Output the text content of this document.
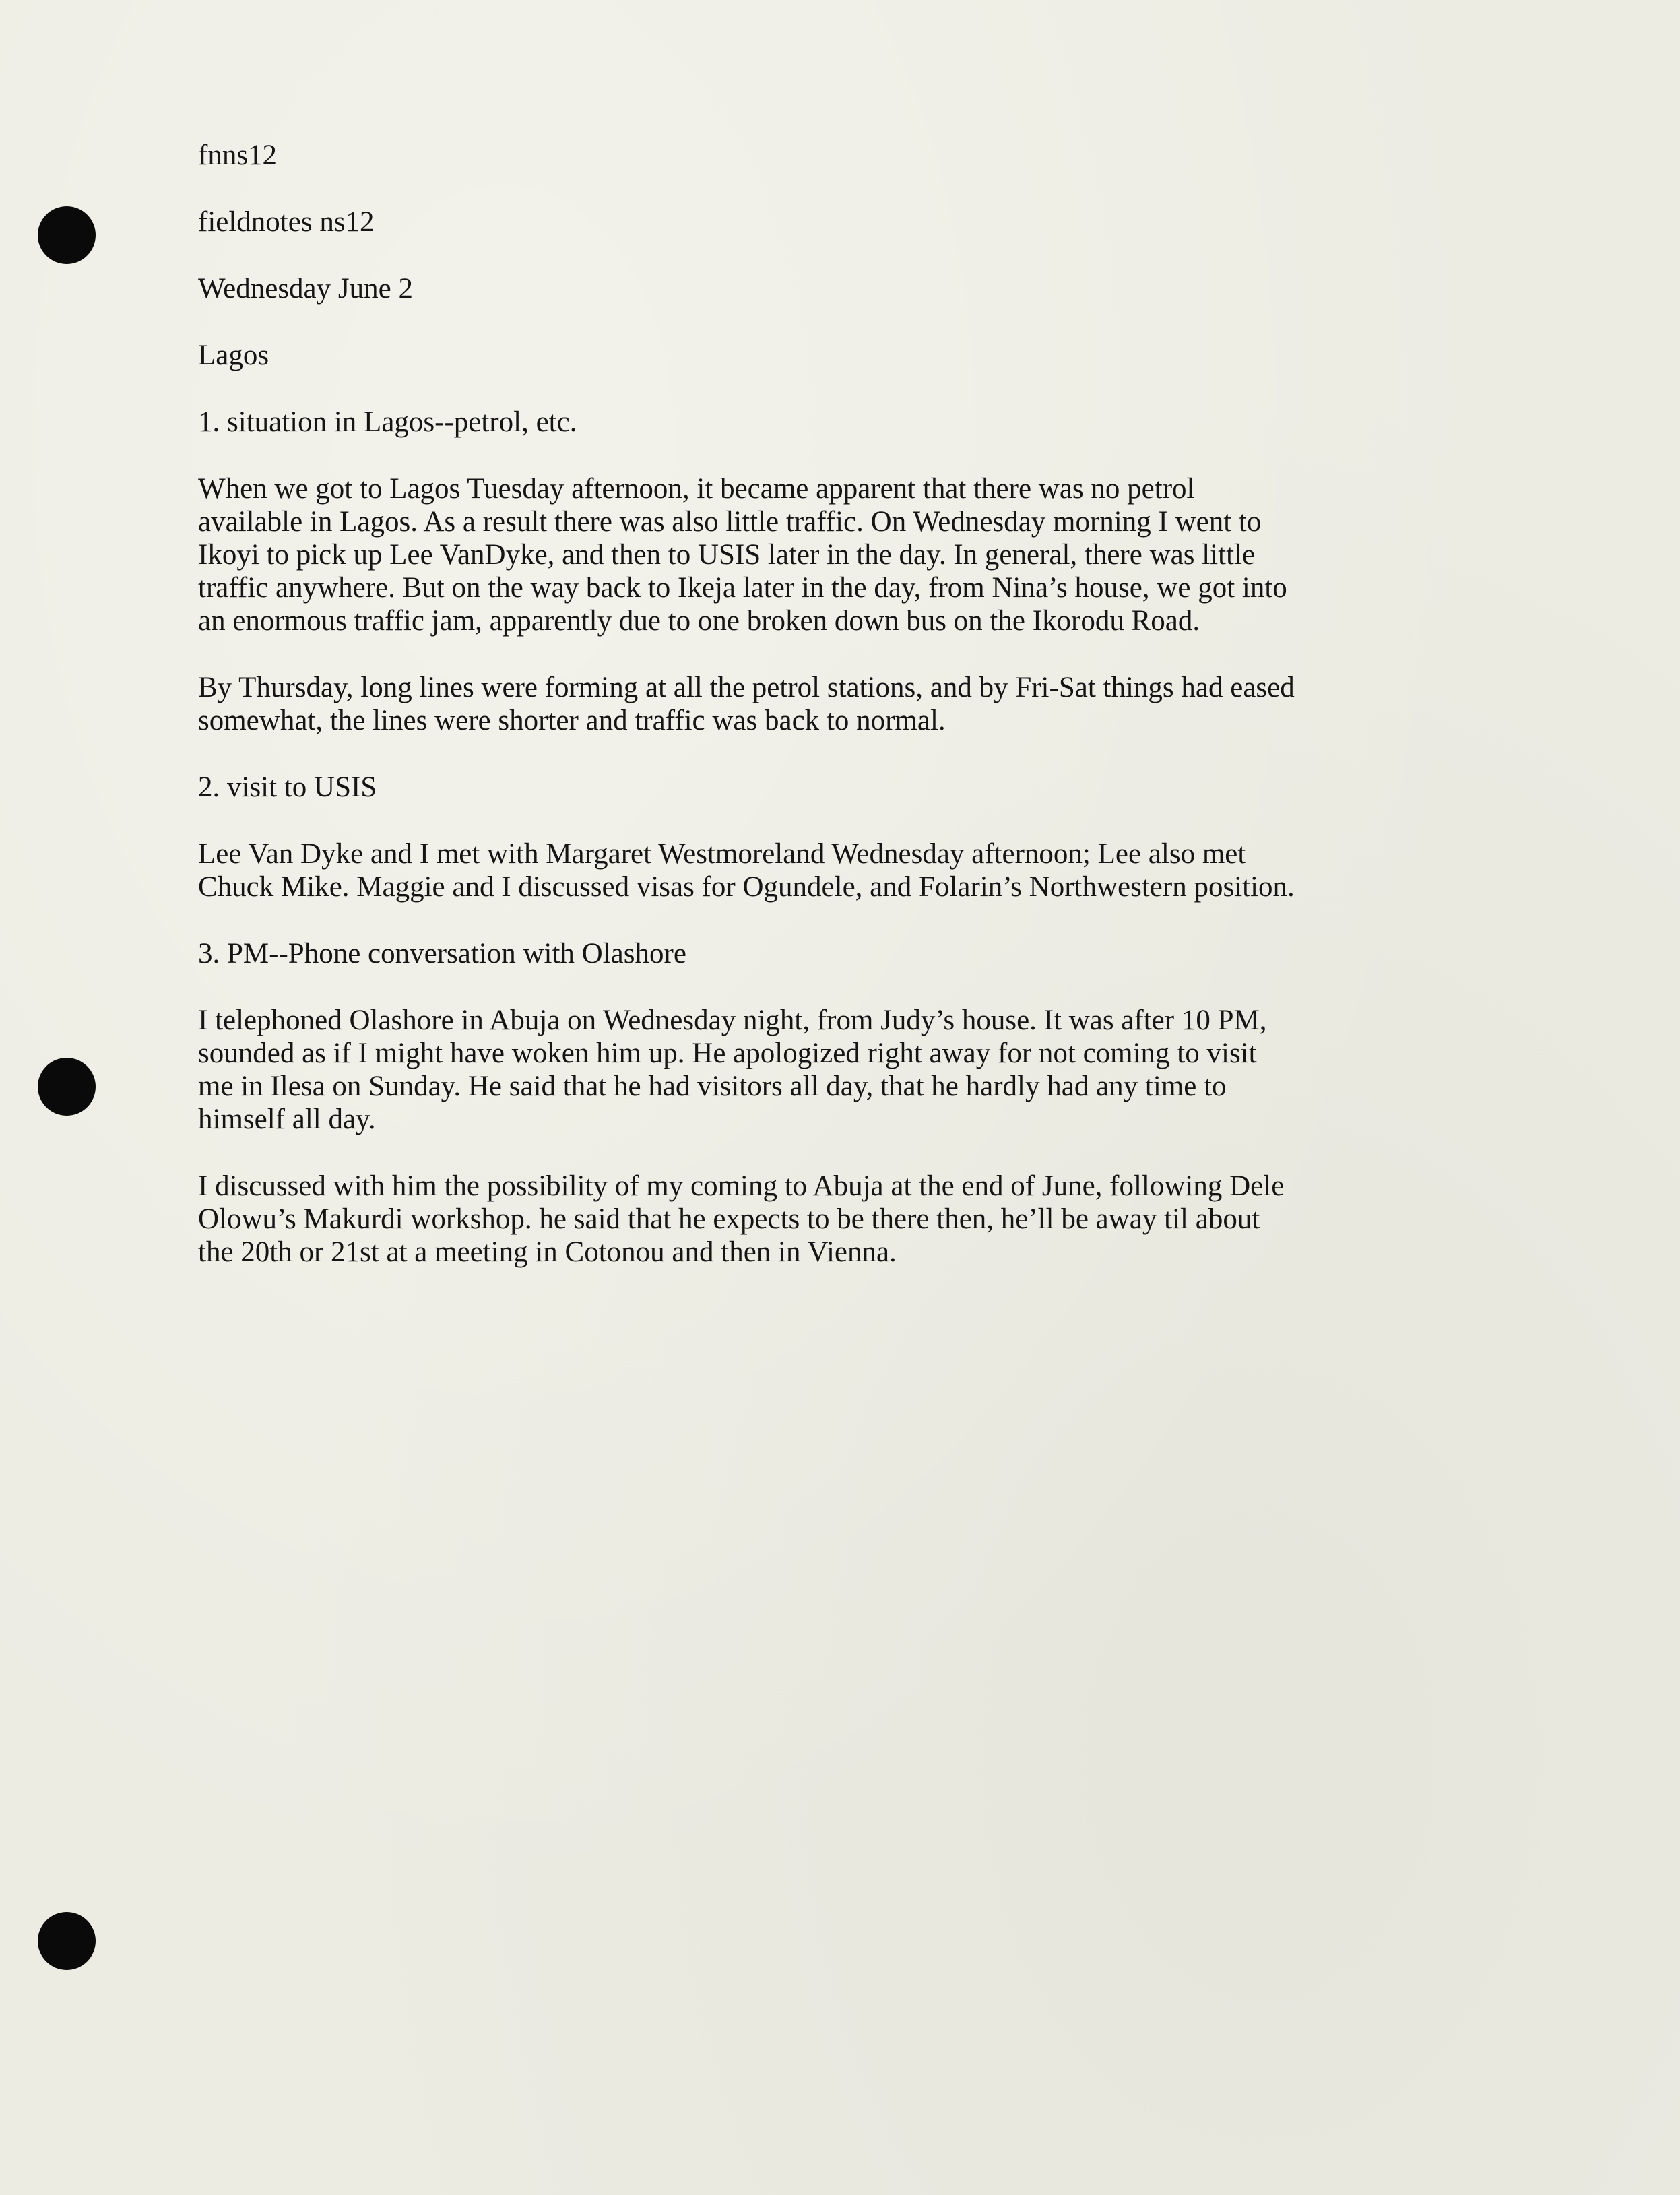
fnns12

fieldnotes ns12

Wednesday June 2

Lagos

1. situation in Lagos--petrol, etc.

When we got to Lagos Tuesday afternoon, it became apparent that there was no petrol
available in Lagos. As a result there was also little traffic. On Wednesday morning I went to
Ikoyi to pick up Lee VanDyke, and then to USIS later in the day. In general, there was little
traffic anywhere. But on the way back to Ikeja later in the day, from Nina’s house, we got into
an enormous traffic jam, apparently due to one broken down bus on the Ikorodu Road.

By Thursday, long lines were forming at all the petrol stations, and by Fri-Sat things had eased
somewhat, the lines were shorter and traffic was back to normal.

2. visit to USIS

Lee Van Dyke and I met with Margaret Westmoreland Wednesday afternoon; Lee also met
Chuck Mike. Maggie and I discussed visas for Ogundele, and Folarin’s Northwestern position.

3. PM--Phone conversation with Olashore

I telephoned Olashore in Abuja on Wednesday night, from Judy’s house. It was after 10 PM,
sounded as if I might have woken him up. He apologized right away for not coming to visit
me in Ilesa on Sunday. He said that he had visitors all day, that he hardly had any time to
himself all day.

I discussed with him the possibility of my coming to Abuja at the end of June, following Dele
Olowu’s Makurdi workshop. he said that he expects to be there then, he’ll be away til about
the 20th or 21st at a meeting in Cotonou and then in Vienna.
